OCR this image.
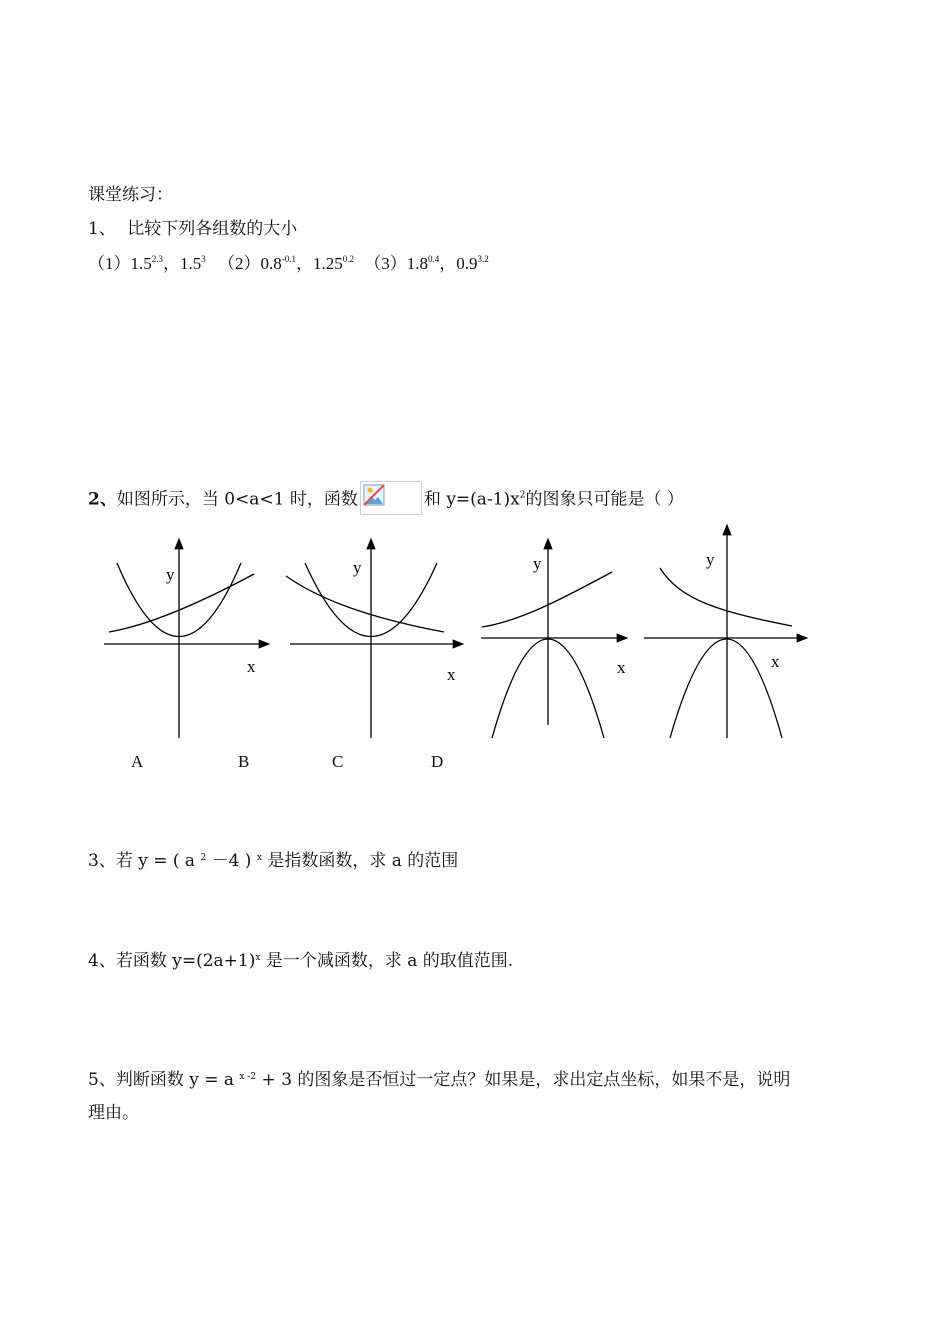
课堂练习：
1、 比较下列各组数的大小
$(1)1.5^{2.3}$，$1.5^3$ $(2)0.8^{-0.1}$，$1.25^{0.2}$ $(3)1.8^{0.4}$，$0.9^{3.2}$
2、如图所示，当 0<a<1 时，函数	和 $y=(a-1)x^2$的图象只可能是（ ）
y
x
y
x
y
x
y
x
A	B	C	D
3、若 y = ( a $^2$ －4 ) $^x$ 是指数函数，求 a 的范围
4、若函数 $y=(2a+1)^x$ 是一个减函数，求 a 的取值范围.
5、判断函数 y = a $^{x -2}$ + 3 的图象是否恒过一定点？如果是，求出定点坐标，如果不是，说明
理由。
